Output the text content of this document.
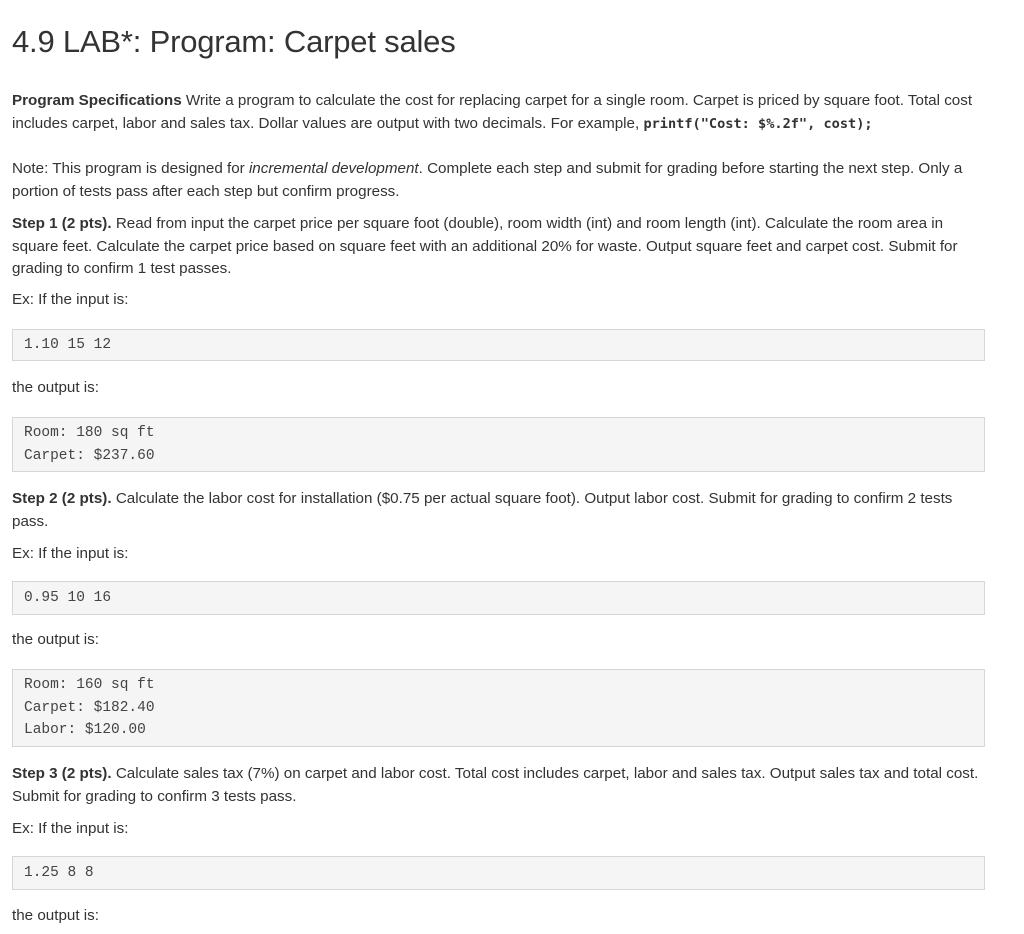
4.9 LAB*: Program: Carpet sales
Program Specifications Write a program to calculate the cost for replacing carpet for a single room. Carpet is priced by square foot. Total cost includes carpet, labor and sales tax. Dollar values are output with two decimals. For example, printf("Cost: $%.2f", cost);
Note: This program is designed for incremental development. Complete each step and submit for grading before starting the next step. Only a portion of tests pass after each step but confirm progress.
Step 1 (2 pts). Read from input the carpet price per square foot (double), room width (int) and room length (int). Calculate the room area in square feet. Calculate the carpet price based on square feet with an additional 20% for waste. Output square feet and carpet cost. Submit for grading to confirm 1 test passes.
Ex: If the input is:
1.10 15 12
the output is:
Room: 180 sq ft
Carpet: $237.60
Step 2 (2 pts). Calculate the labor cost for installation ($0.75 per actual square foot). Output labor cost. Submit for grading to confirm 2 tests pass.
Ex: If the input is:
0.95 10 16
the output is:
Room: 160 sq ft
Carpet: $182.40
Labor: $120.00
Step 3 (2 pts). Calculate sales tax (7%) on carpet and labor cost. Total cost includes carpet, labor and sales tax. Output sales tax and total cost. Submit for grading to confirm 3 tests pass.
Ex: If the input is:
1.25 8 8
the output is:
